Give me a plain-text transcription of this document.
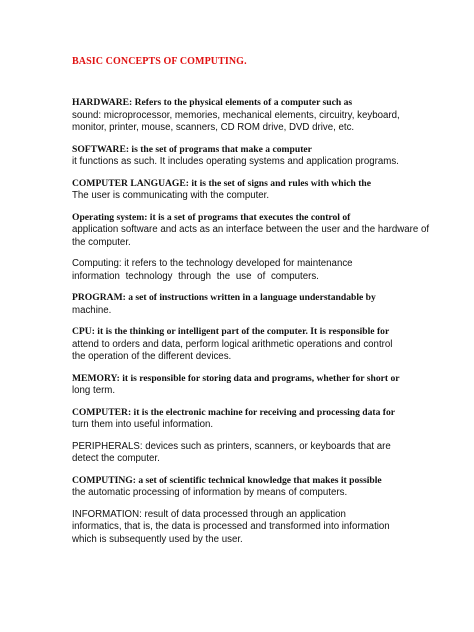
BASIC CONCEPTS OF COMPUTING.
HARDWARE: Refers to the physical elements of a computer such as
sound: microprocessor, memories, mechanical elements, circuitry, keyboard,
monitor, printer, mouse, scanners, CD ROM drive, DVD drive, etc.
SOFTWARE: is the set of programs that make a computer
it functions as such. It includes operating systems and application programs.
COMPUTER LANGUAGE: it is the set of signs and rules with which the
The user is communicating with the computer.
Operating system: it is a set of programs that executes the control of
application software and acts as an interface between the user and the hardware of
the computer.
Computing: it refers to the technology developed for maintenance
information technology through the use of computers.
PROGRAM: a set of instructions written in a language understandable by
machine.
CPU: it is the thinking or intelligent part of the computer. It is responsible for
attend to orders and data, perform logical arithmetic operations and control
the operation of the different devices.
MEMORY: it is responsible for storing data and programs, whether for short or
long term.
COMPUTER: it is the electronic machine for receiving and processing data for
turn them into useful information.
PERIPHERALS: devices such as printers, scanners, or keyboards that are
detect the computer.
COMPUTING: a set of scientific technical knowledge that makes it possible
the automatic processing of information by means of computers.
INFORMATION: result of data processed through an application
informatics, that is, the data is processed and transformed into information
which is subsequently used by the user.
